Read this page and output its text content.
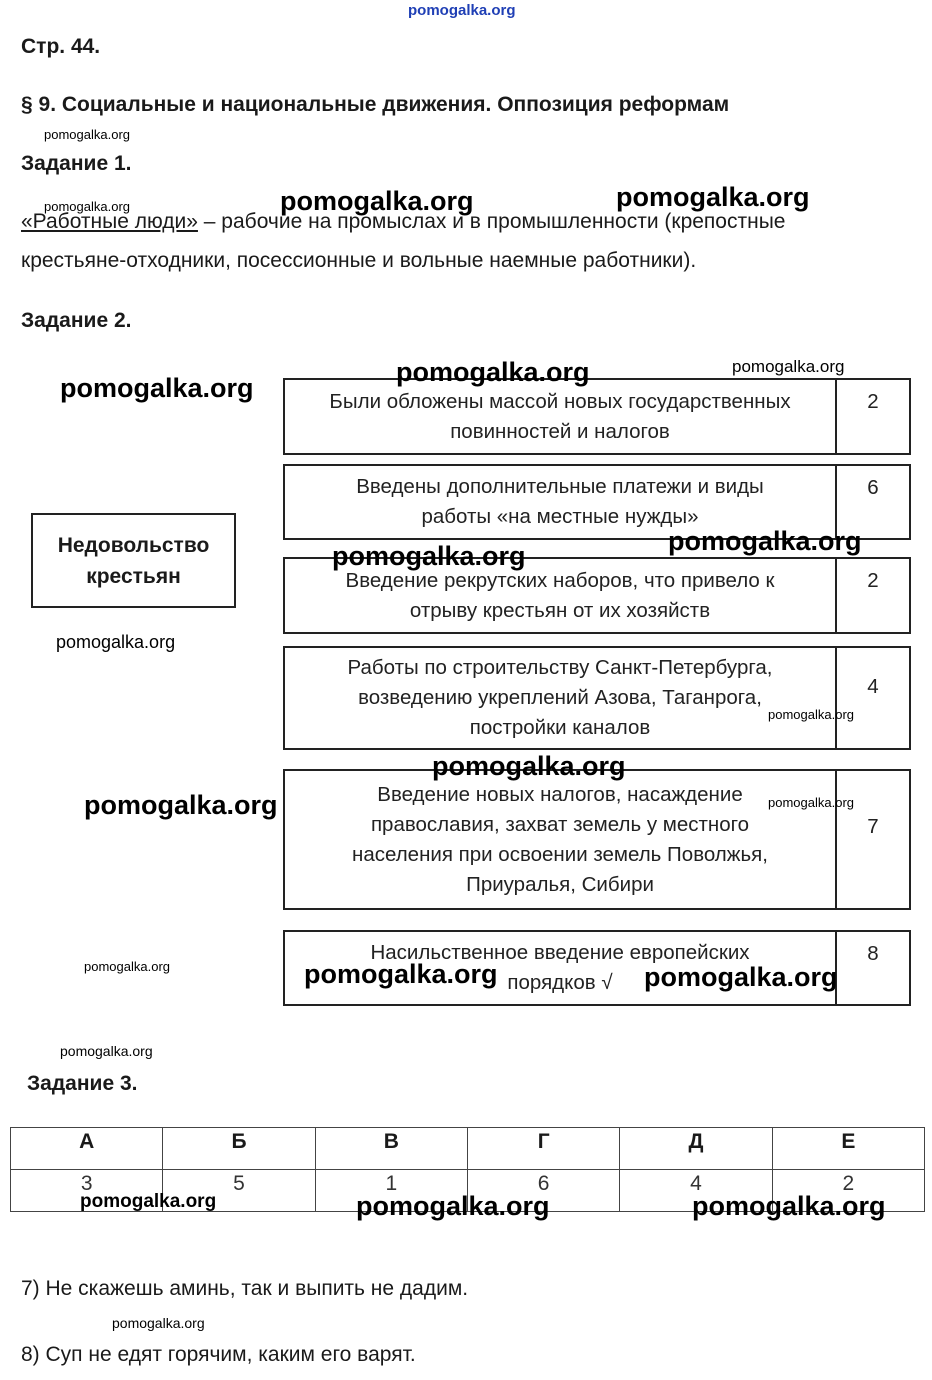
pomogalka.org
Стр. 44.
§ 9. Социальные и национальные движения. Оппозиция реформам
pomogalka.org
Задание 1.
pomogalka.org
«Работные люди» – рабочие на промыслах и в промышленности (крепостные
крестьяне-отходники, посессионные и вольные наемные работники).
pomogalka.org	pomogalka.org
Задание 2.
Недовольство
крестьян
Были обложены массой новых государственных
повинностей и налогов
2
Введены дополнительные платежи и виды
работы «на местные нужды»
6
Введение рекрутских наборов, что привело к
отрыву крестьян от их хозяйств
2
Работы по строительству Санкт-Петербурга,
возведению укреплений Азова, Таганрога,
постройки каналов
4
Введение новых налогов, насаждение
православия, захват земель у местного
населения при освоении земель Поволжья,
Приуралья, Сибири
7
Насильственное введение европейских
порядков √
8
pomogalka.org
pomogalka.org	pomogalka.org
pomogalka.org	pomogalka.org
pomogalka.org
pomogalka.org
pomogalka.org
pomogalka.org	pomogalka.org
pomogalka.org	pomogalka.org	pomogalka.org
pomogalka.org
Задание 3.
А	Б	В	Г	Д	Е
3	5	1	6	4	2
pomogalka.org	pomogalka.org	pomogalka.org
7) Не скажешь аминь, так и выпить не дадим.
pomogalka.org
8) Суп не едят горячим, каким его варят.
